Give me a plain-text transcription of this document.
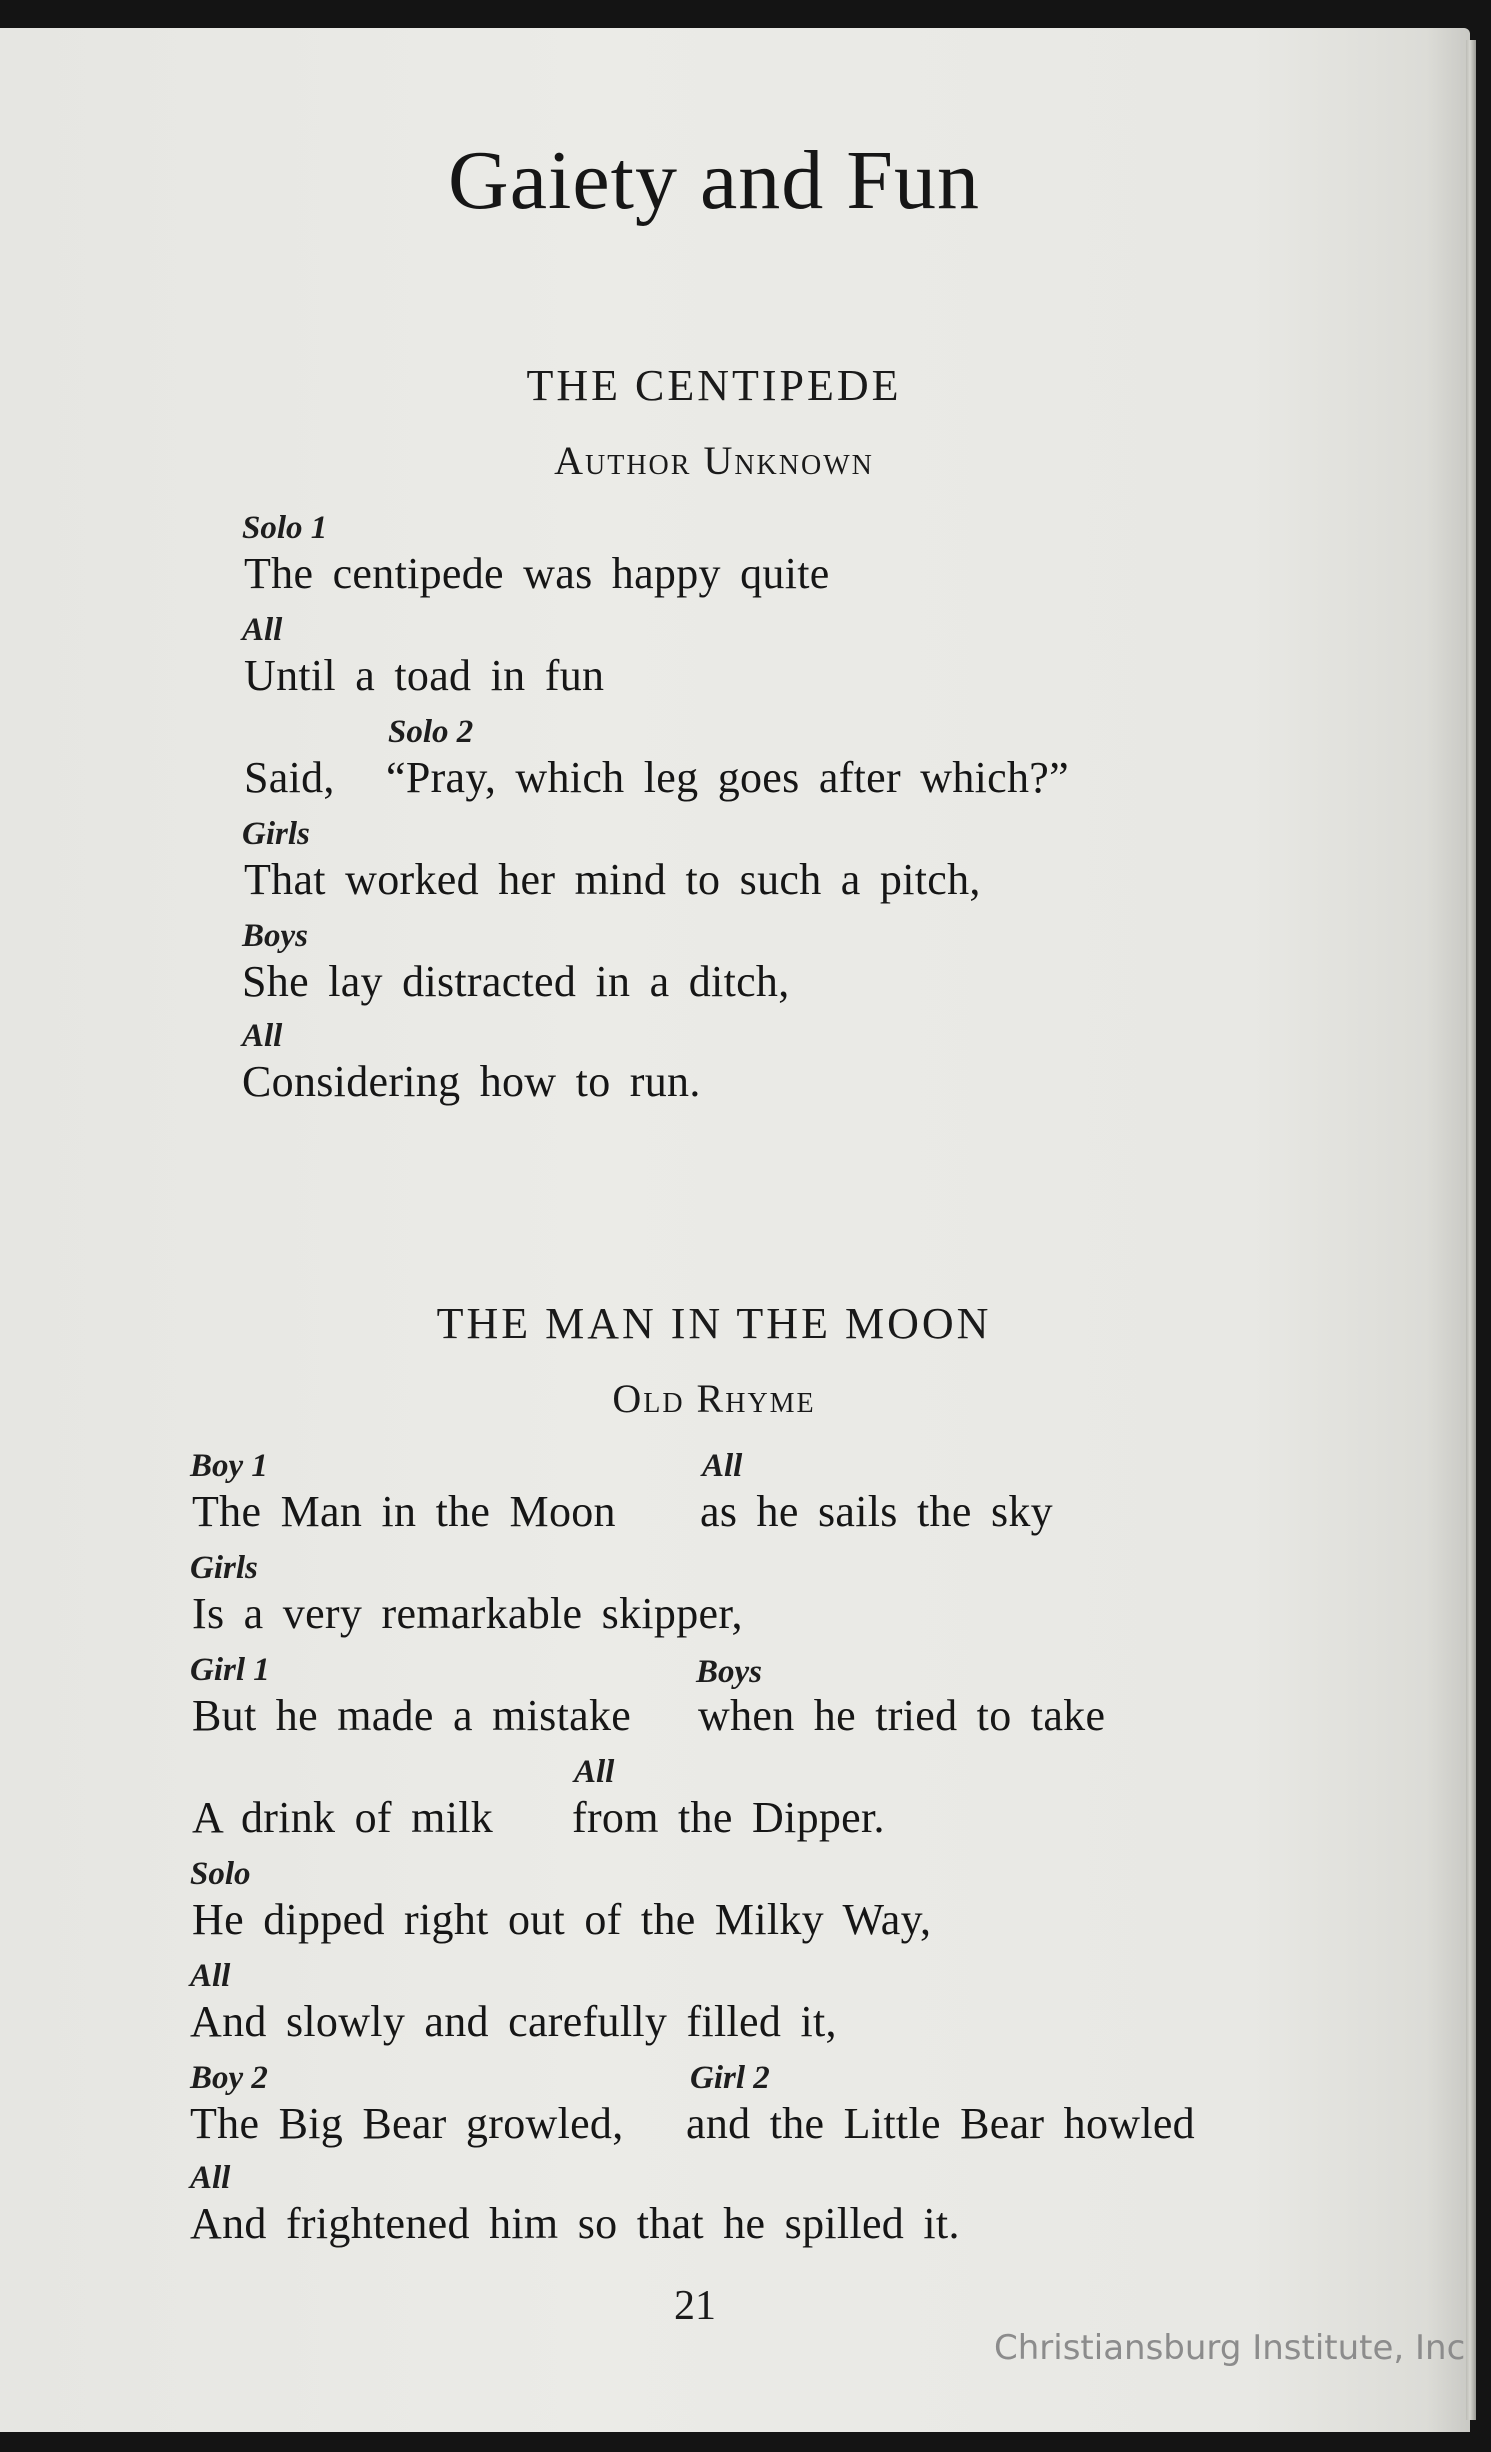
Gaiety and Fun
THE CENTIPEDE
Author Unknown
Solo 1
The centipede was happy quite
All
Until a toad in fun
Solo 2
Said, “Pray, which leg goes after which?”
Girls
That worked her mind to such a pitch,
Boys
She lay distracted in a ditch,
All
Considering how to run.
THE MAN IN THE MOON
Old Rhyme
Boy 1	All
The Man in the Moon as he sails the sky
Girls
Is a very remarkable skipper,
Girl 1	Boys
But he made a mistake when he tried to take
All
A drink of milk from the Dipper.
Solo
He dipped right out of the Milky Way,
All
And slowly and carefully filled it,
Boy 2	Girl 2
The Big Bear growled, and the Little Bear howled
All
And frightened him so that he spilled it.
21
Christiansburg Institute, Inc
